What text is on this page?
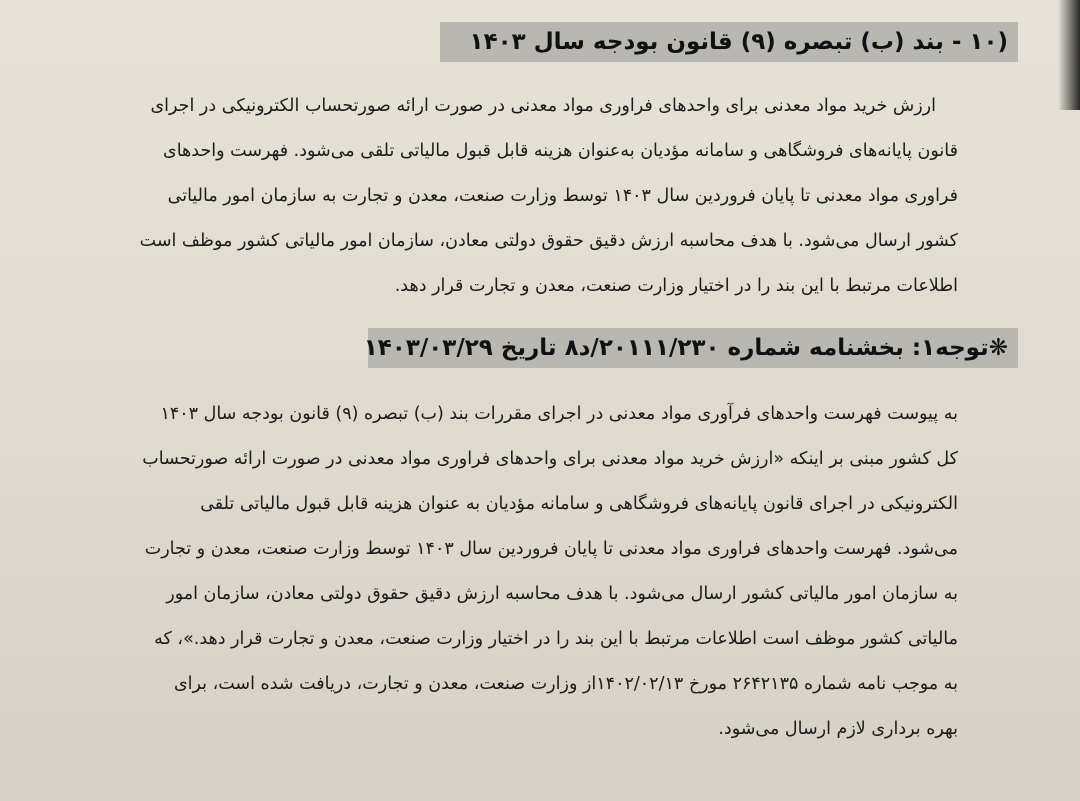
(۱۰ - بند (ب) تبصره (۹) قانون بودجه سال ۱۴۰۳
ارزش خرید مواد معدنی برای واحدهای فراوری مواد معدنی در صورت ارائه صورتحساب الکترونیکی در اجرای
قانون پایانه‌های فروشگاهی و سامانه مؤدیان به‌عنوان هزینه قابل قبول مالیاتی تلقی می‌شود. فهرست واحدهای
فراوری مواد معدنی تا پایان فروردین سال ۱۴۰۳ توسط وزارت صنعت، معدن و تجارت به سازمان امور مالیاتی
کشور ارسال می‌شود. با هدف محاسبه ارزش دقیق حقوق دولتی معادن، سازمان امور مالیاتی کشور موظف است
اطلاعات مرتبط با این بند را در اختیار وزارت صنعت، معدن و تجارت قرار دهد.
❋توجه۱: بخشنامه شماره ۲۰۱۱۱/۲۳۰/د۸ تاریخ ۱۴۰۳/۰۳/۲۹
به پیوست فهرست واحدهای فرآوری مواد معدنی در اجرای مقررات بند (ب) تبصره (۹) قانون بودجه سال ۱۴۰۳
کل کشور مبنی بر اینکه «ارزش خرید مواد معدنی برای واحدهای فراوری مواد معدنی در صورت ارائه صورتحساب
الکترونیکی در اجرای قانون پایانه‌های فروشگاهی و سامانه مؤدیان به عنوان هزینه قابل قبول مالیاتی تلقی
می‌شود. فهرست واحدهای فراوری مواد معدنی تا پایان فروردین سال ۱۴۰۳ توسط وزارت صنعت، معدن و تجارت
به سازمان امور مالیاتی کشور ارسال می‌شود. با هدف محاسبه ارزش دقیق حقوق دولتی معادن، سازمان امور
مالیاتی کشور موظف است اطلاعات مرتبط با این بند را در اختیار وزارت صنعت، معدن و تجارت قرار دهد.»، که
به موجب نامه شماره ۲۶۴۲۱۳۵ مورخ ۱۴۰۲/۰۲/۱۳از وزارت صنعت، معدن و تجارت، دریافت شده است، برای
بهره برداری لازم ارسال می‌شود.
